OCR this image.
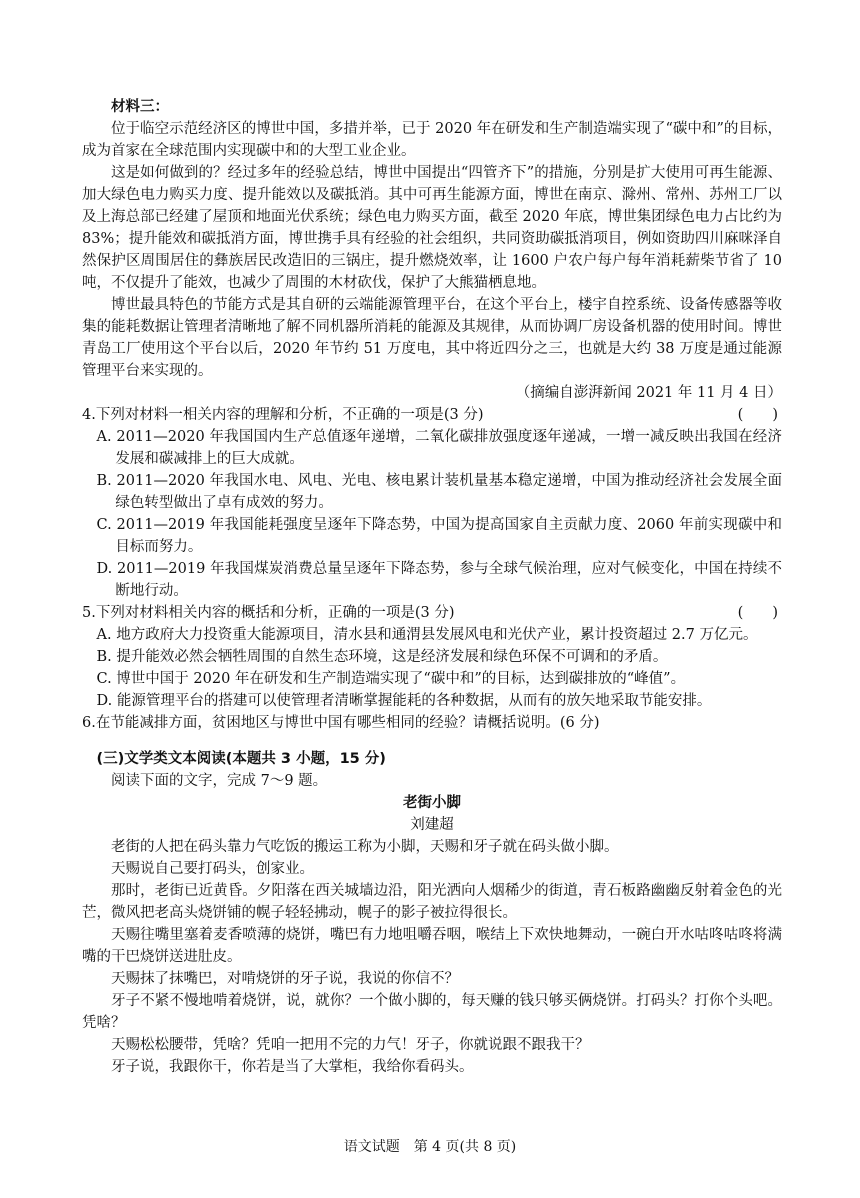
材料三：

位于临空示范经济区的博世中国，多措并举，已于 2020 年在研发和生产制造端实现了“碳中和”的目标，成为首家在全球范围内实现碳中和的大型工业企业。

这是如何做到的？经过多年的经验总结，博世中国提出“四管齐下”的措施，分别是扩大使用可再生能源、加大绿色电力购买力度、提升能效以及碳抵消。其中可再生能源方面，博世在南京、滁州、常州、苏州工厂以及上海总部已经建了屋顶和地面光伏系统；绿色电力购买方面，截至 2020 年底，博世集团绿色电力占比约为 83%；提升能效和碳抵消方面，博世携手具有经验的社会组织，共同资助碳抵消项目，例如资助四川麻咪泽自然保护区周围居住的彝族居民改造旧的三锅庄，提升燃烧效率，让 1600 户农户每户每年消耗薪柴节省了 10 吨，不仅提升了能效，也减少了周围的木材砍伐，保护了大熊猫栖息地。

博世最具特色的节能方式是其自研的云端能源管理平台，在这个平台上，楼宇自控系统、设备传感器等收集的能耗数据让管理者清晰地了解不同机器所消耗的能源及其规律，从而协调厂房设备机器的使用时间。博世青岛工厂使用这个平台以后，2020 年节约 51 万度电，其中将近四分之三，也就是大约 38 万度是通过能源管理平台来实现的。

（摘编自澎湃新闻 2021 年 11 月 4 日）

4.下列对材料一相关内容的理解和分析，不正确的一项是(3 分)	(　　)

A. 2011—2020 年我国国内生产总值逐年递增，二氧化碳排放强度逐年递减，一增一减反映出我国在经济发展和碳减排上的巨大成就。

B. 2011—2020 年我国水电、风电、光电、核电累计装机量基本稳定递增，中国为推动经济社会发展全面绿色转型做出了卓有成效的努力。

C. 2011—2019 年我国能耗强度呈逐年下降态势，中国为提高国家自主贡献力度、2060 年前实现碳中和目标而努力。

D. 2011—2019 年我国煤炭消费总量呈逐年下降态势，参与全球气候治理，应对气候变化，中国在持续不断地行动。

5.下列对材料相关内容的概括和分析，正确的一项是(3 分)	(　　)

A. 地方政府大力投资重大能源项目，清水县和通渭县发展风电和光伏产业，累计投资超过 2.7 万亿元。

B. 提升能效必然会牺牲周围的自然生态环境，这是经济发展和绿色环保不可调和的矛盾。

C. 博世中国于 2020 年在研发和生产制造端实现了“碳中和”的目标，达到碳排放的“峰值”。

D. 能源管理平台的搭建可以使管理者清晰掌握能耗的各种数据，从而有的放矢地采取节能安排。

6.在节能减排方面，贫困地区与博世中国有哪些相同的经验？请概括说明。(6 分)

(三)文学类文本阅读(本题共 3 小题，15 分)

阅读下面的文字，完成 7～9 题。

老街小脚

刘建超

老街的人把在码头靠力气吃饭的搬运工称为小脚，天赐和牙子就在码头做小脚。

天赐说自己要打码头，创家业。

那时，老街已近黄昏。夕阳落在西关城墙边沿，阳光洒向人烟稀少的街道，青石板路幽幽反射着金色的光芒，微风把老高头烧饼铺的幌子轻轻拂动，幌子的影子被拉得很长。

天赐往嘴里塞着麦香喷薄的烧饼，嘴巴有力地咀嚼吞咽，喉结上下欢快地舞动，一碗白开水咕咚咕咚将满嘴的干巴烧饼送进肚皮。

天赐抹了抹嘴巴，对啃烧饼的牙子说，我说的你信不？

牙子不紧不慢地啃着烧饼，说，就你？一个做小脚的，每天赚的钱只够买俩烧饼。打码头？打你个头吧。凭啥？

天赐松松腰带，凭啥？凭咱一把用不完的力气！牙子，你就说跟不跟我干？

牙子说，我跟你干，你若是当了大掌柜，我给你看码头。

语文试题　第 4 页(共 8 页)
